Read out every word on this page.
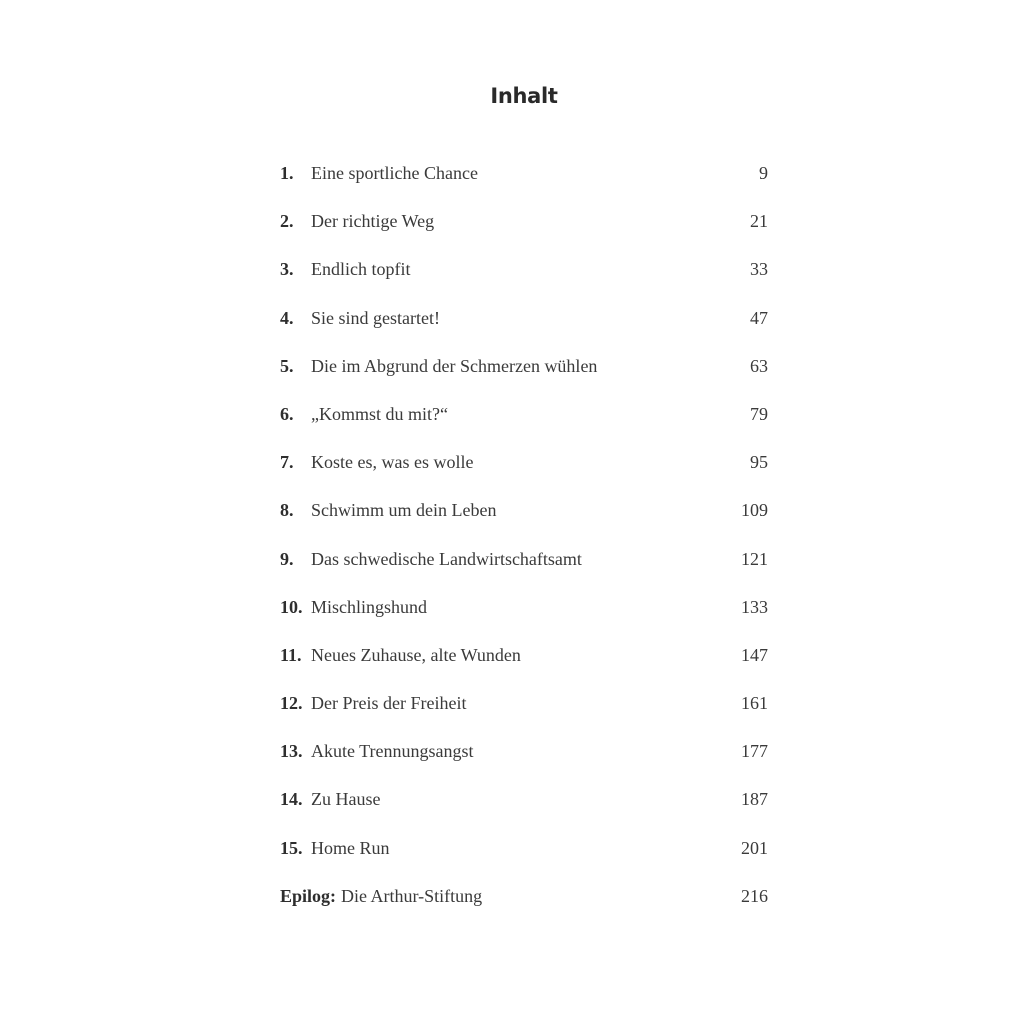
Inhalt
1. Eine sportliche Chance	9
2. Der richtige Weg	21
3. Endlich topfit	33
4. Sie sind gestartet!	47
5. Die im Abgrund der Schmerzen wühlen	63
6. „Kommst du mit?“	79
7. Koste es, was es wolle	95
8. Schwimm um dein Leben	109
9. Das schwedische Landwirtschaftsamt	121
10. Mischlingshund	133
11. Neues Zuhause, alte Wunden	147
12. Der Preis der Freiheit	161
13. Akute Trennungsangst	177
14. Zu Hause	187
15. Home Run	201
Epilog: Die Arthur-Stiftung	216
